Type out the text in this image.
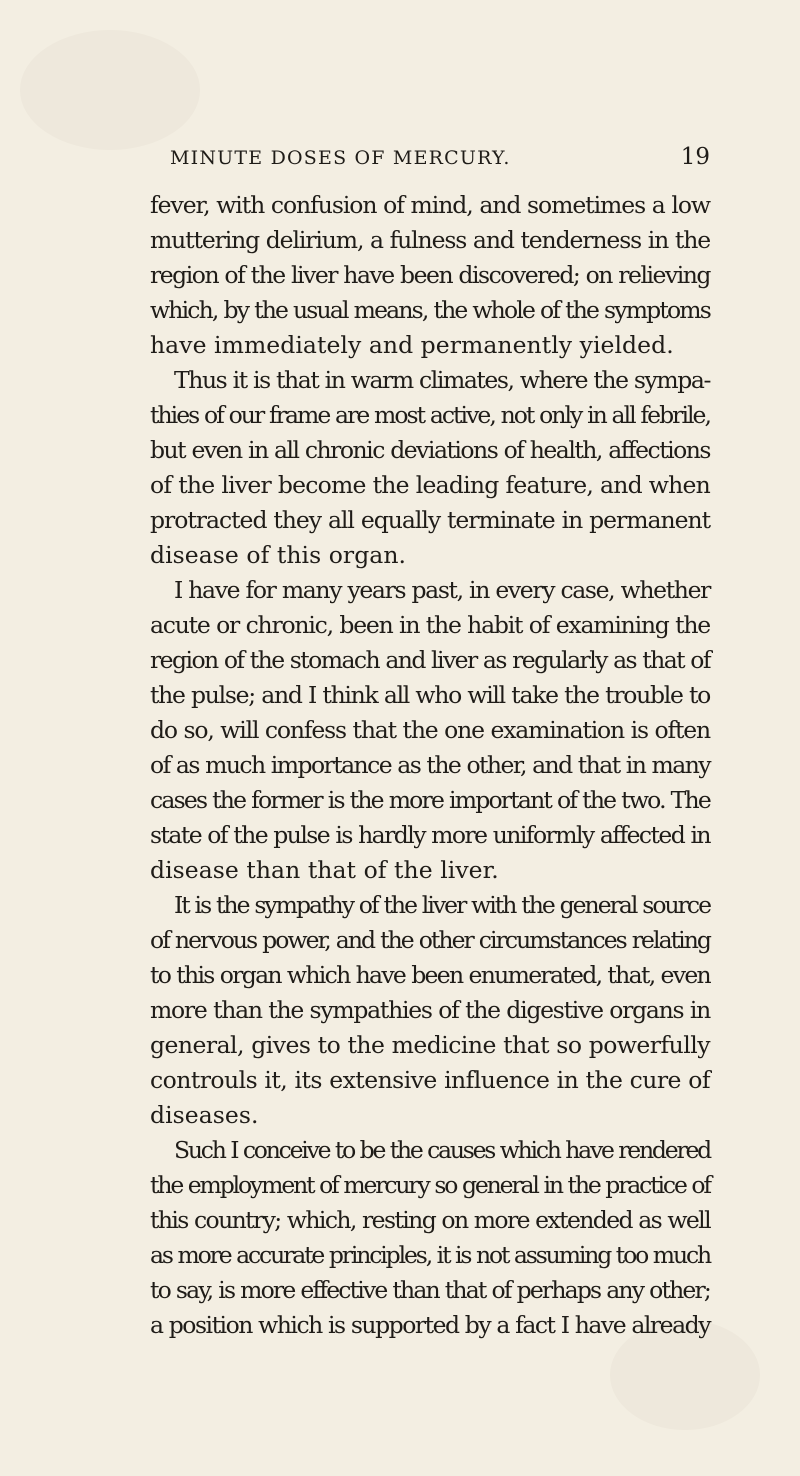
MINUTE DOSES OF MERCURY.	19
fever, with confusion of mind, and sometimes a low
muttering delirium, a fulness and tenderness in the
region of the liver have been discovered; on relieving
which, by the usual means, the whole of the symptoms
have immediately and permanently yielded.
Thus it is that in warm climates, where the sympa-
thies of our frame are most active, not only in all febrile,
but even in all chronic deviations of health, affections
of the liver become the leading feature, and when
protracted they all equally terminate in permanent
disease of this organ.
I have for many years past, in every case, whether
acute or chronic, been in the habit of examining the
region of the stomach and liver as regularly as that of
the pulse; and I think all who will take the trouble to
do so, will confess that the one examination is often
of as much importance as the other, and that in many
cases the former is the more important of the two. The
state of the pulse is hardly more uniformly affected in
disease than that of the liver.
It is the sympathy of the liver with the general source
of nervous power, and the other circumstances relating
to this organ which have been enumerated, that, even
more than the sympathies of the digestive organs in
general, gives to the medicine that so powerfully
controuls it, its extensive influence in the cure of
diseases.
Such I conceive to be the causes which have rendered
the employment of mercury so general in the practice of
this country; which, resting on more extended as well
as more accurate principles, it is not assuming too much
to say, is more effective than that of perhaps any other;
a position which is supported by a fact I have already
